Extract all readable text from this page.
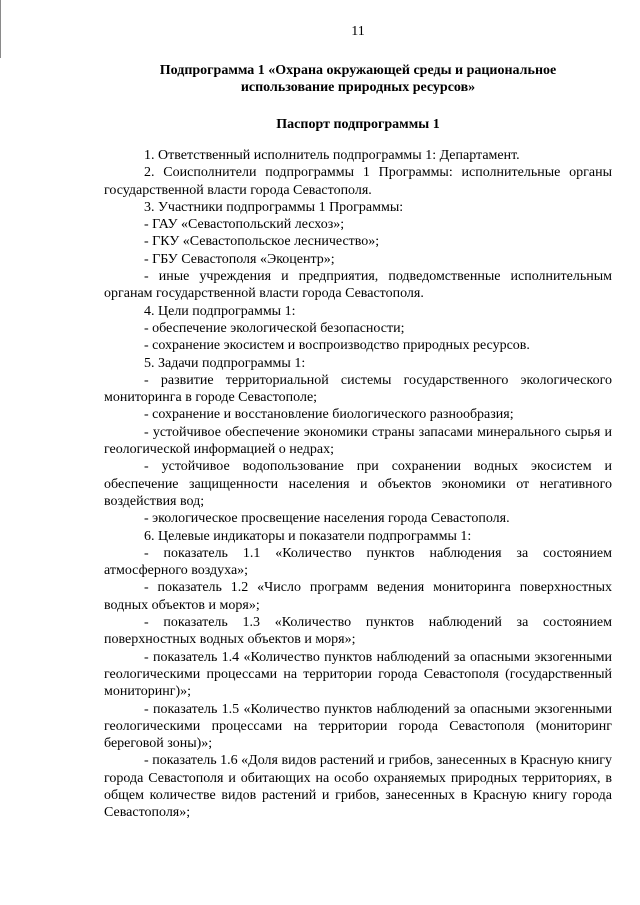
11
Подпрограмма 1 «Охрана окружающей среды и рациональное
использование природных ресурсов»
Паспорт подпрограммы 1

1. Ответственный исполнитель подпрограммы 1: Департамент.

2. Соисполнители подпрограммы 1 Программы: исполнительные органы государственной власти города Севастополя.

3. Участники подпрограммы 1 Программы:

- ГАУ «Севастопольский лесхоз»;

- ГКУ «Севастопольское лесничество»;

- ГБУ Севастополя «Экоцентр»;

- иные учреждения и предприятия, подведомственные исполнительным органам государственной власти города Севастополя.

4. Цели подпрограммы 1:

- обеспечение экологической безопасности;

- сохранение экосистем и воспроизводство природных ресурсов.

5. Задачи подпрограммы 1:

- развитие территориальной системы государственного экологического мониторинга в городе Севастополе;

- сохранение и восстановление биологического разнообразия;

- устойчивое обеспечение экономики страны запасами минерального сырья и геологической информацией о недрах;

- устойчивое водопользование при сохранении водных экосистем и обеспечение защищенности населения и объектов экономики от негативного воздействия вод;

- экологическое просвещение населения города Севастополя.

6. Целевые индикаторы и показатели подпрограммы 1:

- показатель 1.1 «Количество пунктов наблюдения за состоянием атмосферного воздуха»;

- показатель 1.2 «Число программ ведения мониторинга поверхностных водных объектов и моря»;

- показатель 1.3 «Количество пунктов наблюдений за состоянием поверхностных водных объектов и моря»;

- показатель 1.4 «Количество пунктов наблюдений за опасными экзогенными геологическими процессами на территории города Севастополя (государственный мониторинг)»;

- показатель 1.5 «Количество пунктов наблюдений за опасными экзогенными геологическими процессами на территории города Севастополя (мониторинг береговой зоны)»;

- показатель 1.6 «Доля видов растений и грибов, занесенных в Красную книгу города Севастополя и обитающих на особо охраняемых природных территориях, в общем количестве видов растений и грибов, занесенных в Красную книгу города Севастополя»;
